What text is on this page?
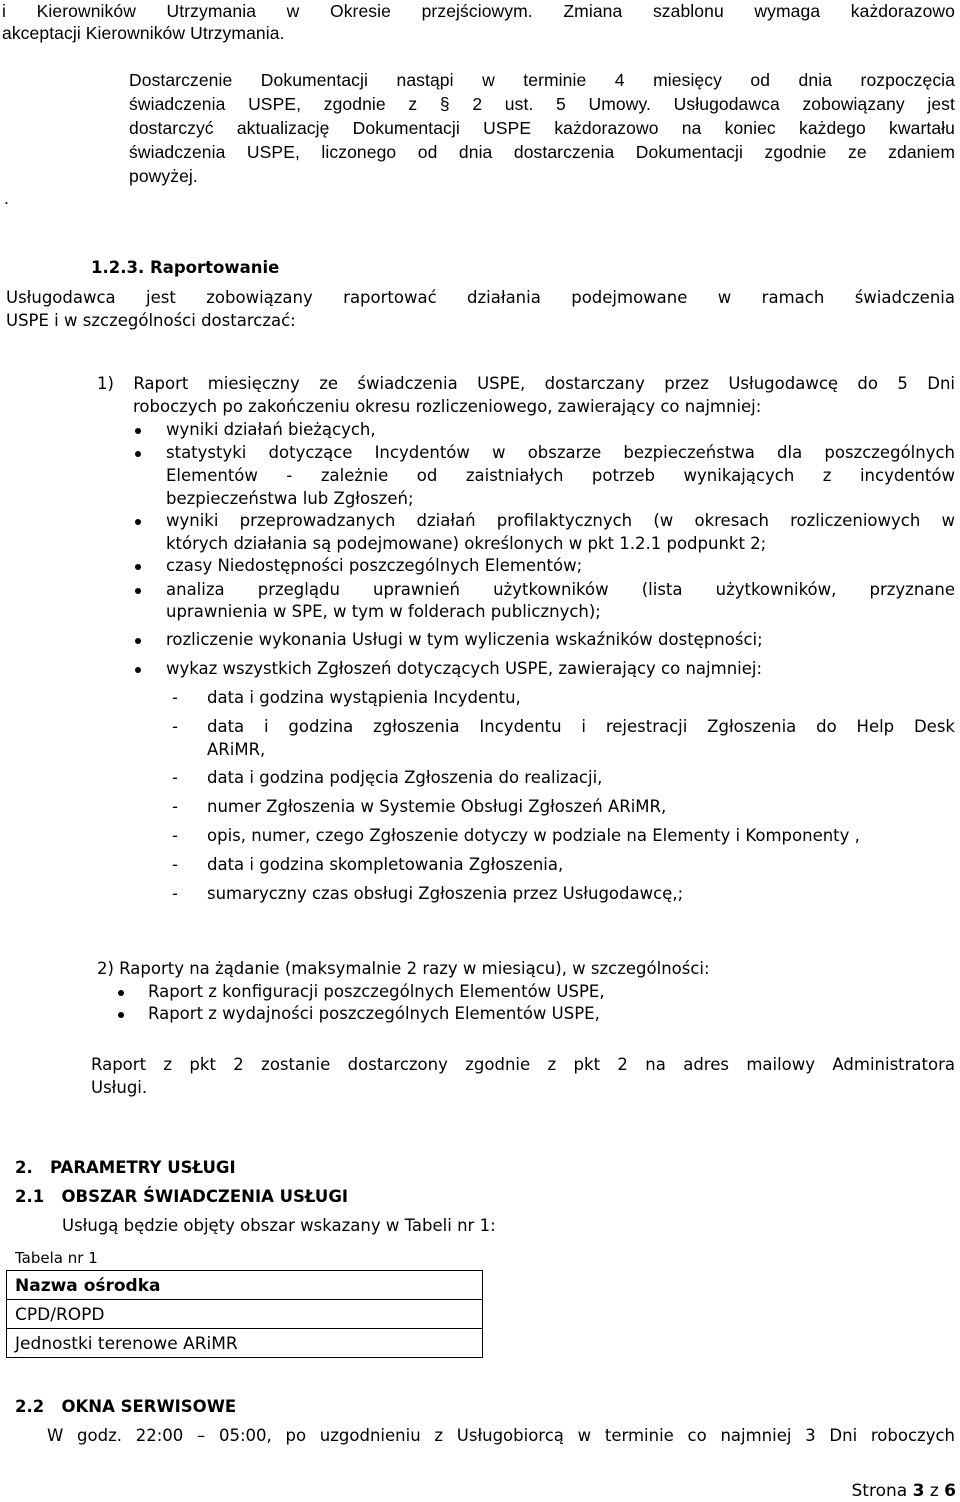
i Kierowników Utrzymania w Okresie przejściowym. Zmiana szablonu wymaga każdorazowo
akceptacji Kierowników Utrzymania.
Dostarczenie Dokumentacji nastąpi w terminie 4 miesięcy od dnia rozpoczęcia
świadczenia USPE, zgodnie z § 2 ust. 5 Umowy. Usługodawca zobowiązany jest
dostarczyć aktualizację Dokumentacji USPE każdorazowo na koniec każdego kwartału
świadczenia USPE, liczonego od dnia dostarczenia Dokumentacji zgodnie ze zdaniem
powyżej.
.
1.2.3. Raportowanie
Usługodawca jest zobowiązany raportować działania podejmowane w ramach świadczenia
USPE i w szczególności dostarczać:
1) Raport miesięczny ze świadczenia USPE, dostarczany przez Usługodawcę do 5 Dni
roboczych po zakończeniu okresu rozliczeniowego, zawierający co najmniej:
wyniki działań bieżących,
statystyki dotyczące Incydentów w obszarze bezpieczeństwa dla poszczególnych
Elementów - zależnie od zaistniałych potrzeb wynikających z incydentów
bezpieczeństwa lub Zgłoszeń;
wyniki przeprowadzanych działań profilaktycznych (w okresach rozliczeniowych w
których działania są podejmowane) określonych w pkt 1.2.1 podpunkt 2;
czasy Niedostępności poszczególnych Elementów;
analiza przeglądu uprawnień użytkowników (lista użytkowników, przyznane
uprawnienia w SPE, w tym w folderach publicznych);
rozliczenie wykonania Usługi w tym wyliczenia wskaźników dostępności;
wykaz wszystkich Zgłoszeń dotyczących USPE, zawierający co najmniej:
- data i godzina wystąpienia Incydentu,
- data i godzina zgłoszenia Incydentu i rejestracji Zgłoszenia do Help Desk
ARiMR,
- data i godzina podjęcia Zgłoszenia do realizacji,
- numer Zgłoszenia w Systemie Obsługi Zgłoszeń ARiMR,
- opis, numer, czego Zgłoszenie dotyczy w podziale na Elementy i Komponenty ,
- data i godzina skompletowania Zgłoszenia,
- sumaryczny czas obsługi Zgłoszenia przez Usługodawcę,;
2) Raporty na żądanie (maksymalnie 2 razy w miesiącu), w szczególności:
Raport z konfiguracji poszczególnych Elementów USPE,
Raport z wydajności poszczególnych Elementów USPE,
Raport z pkt 2 zostanie dostarczony zgodnie z pkt 2 na adres mailowy Administratora
Usługi.
2.   PARAMETRY USŁUGI
2.1   OBSZAR ŚWIADCZENIA USŁUGI
Usługą będzie objęty obszar wskazany w Tabeli nr 1:
Tabela nr 1
Nazwa ośrodka
CPD/ROPD
Jednostki terenowe ARiMR
2.2   OKNA SERWISOWE
W godz. 22:00 – 05:00, po uzgodnieniu z Usługobiorcą w terminie co najmniej 3 Dni roboczych
Strona 3 z 6
